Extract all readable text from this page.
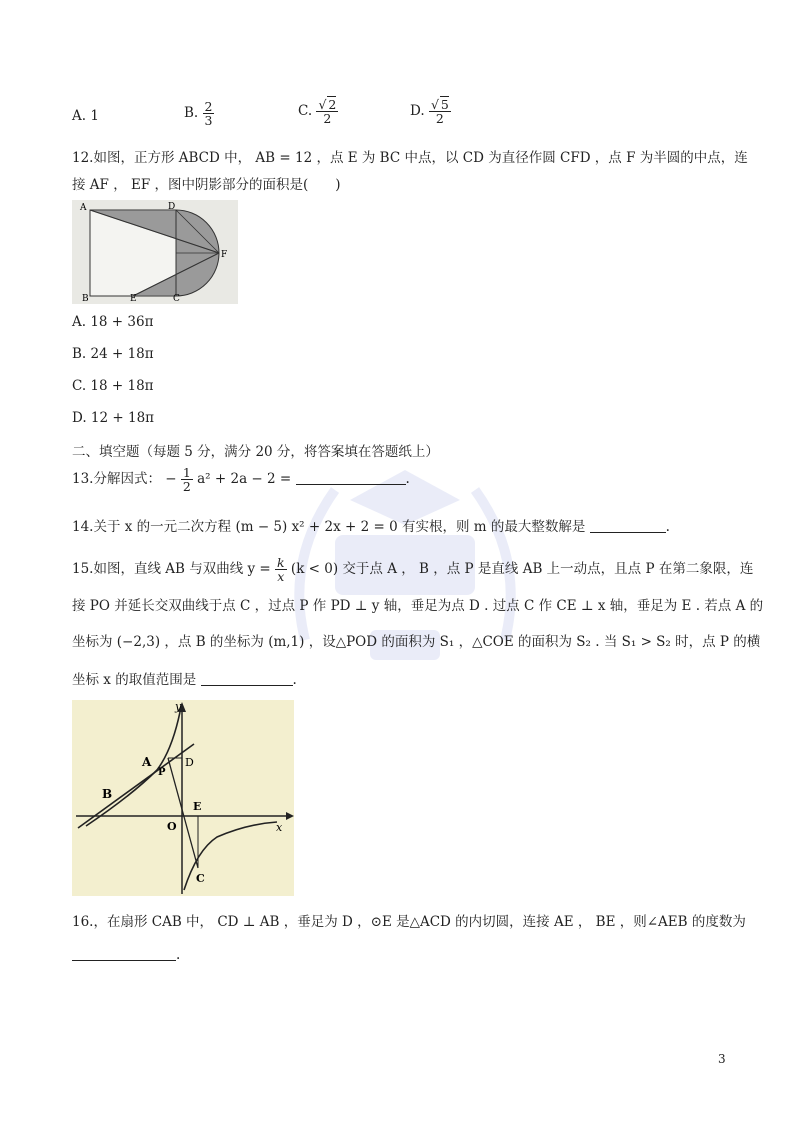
A. 1	B. $\frac{2}{3}$	C. $\frac{√ 2}{2}$	D. $\frac{√ 5}{2}$
12.如图，正方形 ABCD 中， AB = 12 ，点 E 为 BC 中点，以 CD 为直径作圆 CFD ，点 F 为半圆的中点，连
接 AF ， EF ，图中阴影部分的面积是(　　)
A	D
F
B	E	C
A. 18 + 36π
B. 24 + 18π
C. 18 + 18π
D. 12 + 18π
二、填空题（每题 5 分，满分 20 分，将答案填在答题纸上）
13.分解因式： − $\frac{1}{2} a^2 + 2a - 2$ =	.
14.关于 x 的一元二次方程 (m − 5) x² + 2x + 2 = 0 有实根，则 m 的最大整数解是	.
15.如图，直线 AB 与双曲线 $y = \frac{k}{x} (k < 0)$ 交于点 A ， B ，点 P 是直线 AB 上一动点，且点 P 在第二象限，连
接 PO 并延长交双曲线于点 C ，过点 P 作 PD ⊥ y 轴，垂足为点 D . 过点 C 作 CE ⊥ x 轴，垂足为 E . 若点 A 的
坐标为 (−2,3) ，点 B 的坐标为 (m,1) ，设△POD 的面积为 S₁ ，△COE 的面积为 S₂ . 当 S₁ > S₂ 时，点 P 的横
坐标 x 的取值范围是	.
y
x
A
P
D
B
O
E
C
16.，在扇形 CAB 中， CD ⊥ AB ，垂足为 D ，⊙E 是△ACD 的内切圆，连接 AE ， BE ，则∠AEB 的度数为
.
3
